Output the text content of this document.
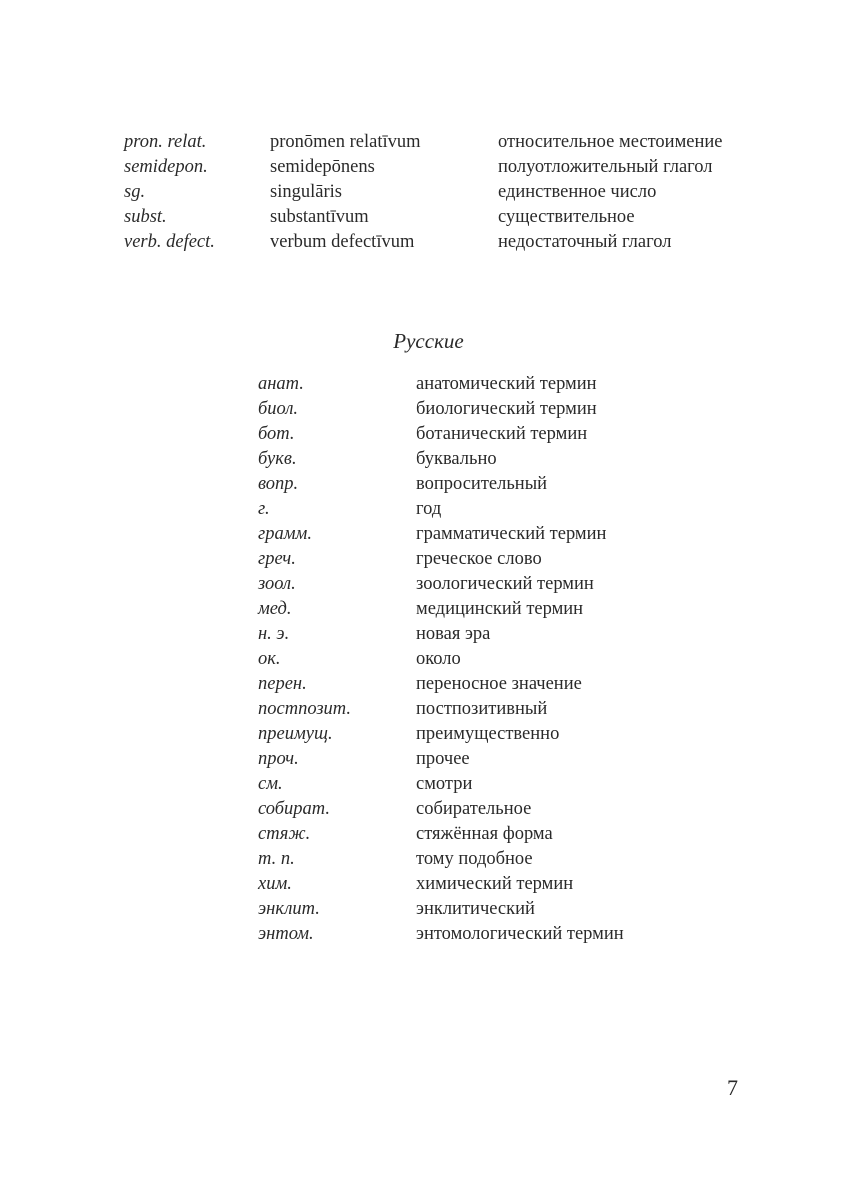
pron. relat.	pronōmen relatīvum	относительное местоимение
semidepon.	semidepōnens	полуотложительный глагол
sg.	singulāris	единственное число
subst.	substantīvum	существительное
verb. defect.	verbum defectīvum	недостаточный глагол
Русские
анат.	анатомический термин
биол.	биологический термин
бот.	ботанический термин
букв.	буквально
вопр.	вопросительный
г.	год
грамм.	грамматический термин
греч.	греческое слово
зоол.	зоологический термин
мед.	медицинский термин
н. э.	новая эра
ок.	около
перен.	переносное значение
постпозит.	постпозитивный
преимущ.	преимущественно
проч.	прочее
см.	смотри
собират.	собирательное
стяж.	стяжённая форма
т. п.	тому подобное
хим.	химический термин
энклит.	энклитический
энтом.	энтомологический термин
7
